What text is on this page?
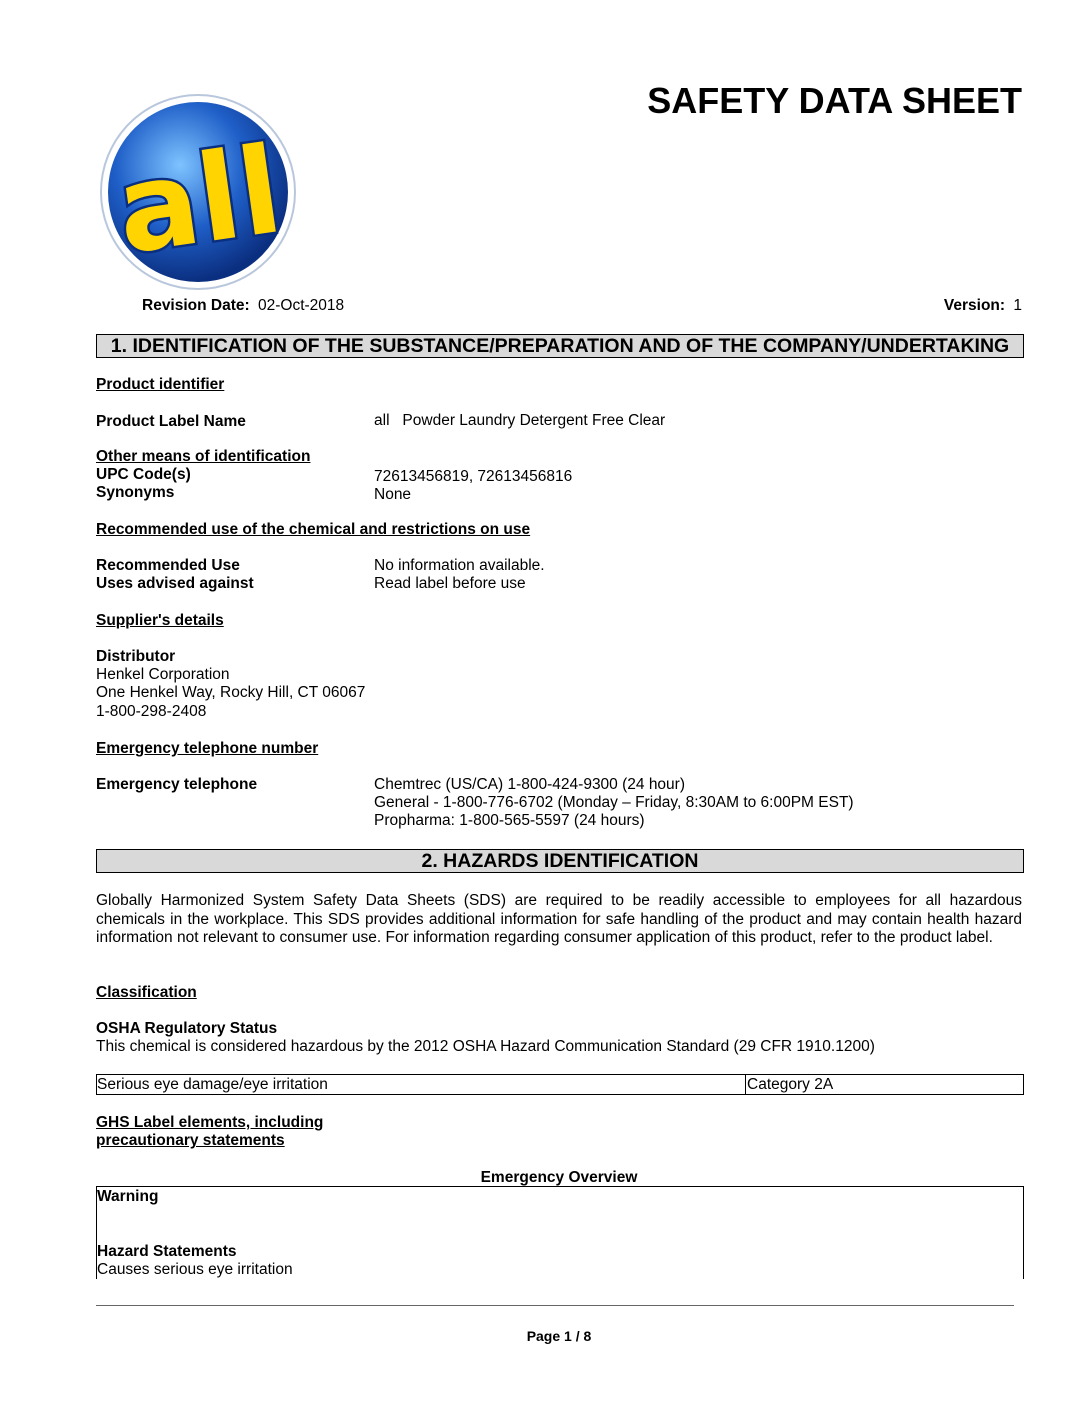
all
SAFETY DATA SHEET
Revision Date: 02-Oct-2018	Version: 1
1. IDENTIFICATION OF THE SUBSTANCE/PREPARATION AND OF THE COMPANY/UNDERTAKING
Product identifier
Product Label Name	all   Powder Laundry Detergent Free Clear
Other means of identification
UPC Code(s)	72613456819, 72613456816
Synonyms	None
Recommended use of the chemical and restrictions on use
Recommended Use	No information available.
Uses advised against	Read label before use
Supplier's details
Distributor
Henkel Corporation
One Henkel Way, Rocky Hill, CT 06067
1-800-298-2408
Emergency telephone number
Emergency telephone	Chemtrec (US/CA) 1-800-424-9300 (24 hour)
General - 1-800-776-6702 (Monday – Friday, 8:30AM to 6:00PM EST)
Propharma: 1-800-565-5597 (24 hours)
2. HAZARDS IDENTIFICATION
Globally Harmonized System Safety Data Sheets (SDS) are required to be readily accessible to employees for all hazardous chemicals in the workplace. This SDS provides additional information for safe handling of the product and may contain health hazard information not relevant to consumer use. For information regarding consumer application of this product, refer to the product label.
Classification
OSHA Regulatory Status
This chemical is considered hazardous by the 2012 OSHA Hazard Communication Standard (29 CFR 1910.1200)
Serious eye damage/eye irritation	Category 2A
GHS Label elements, including
precautionary statements
Emergency Overview
Warning
Hazard Statements
Causes serious eye irritation
Page 1 / 8
